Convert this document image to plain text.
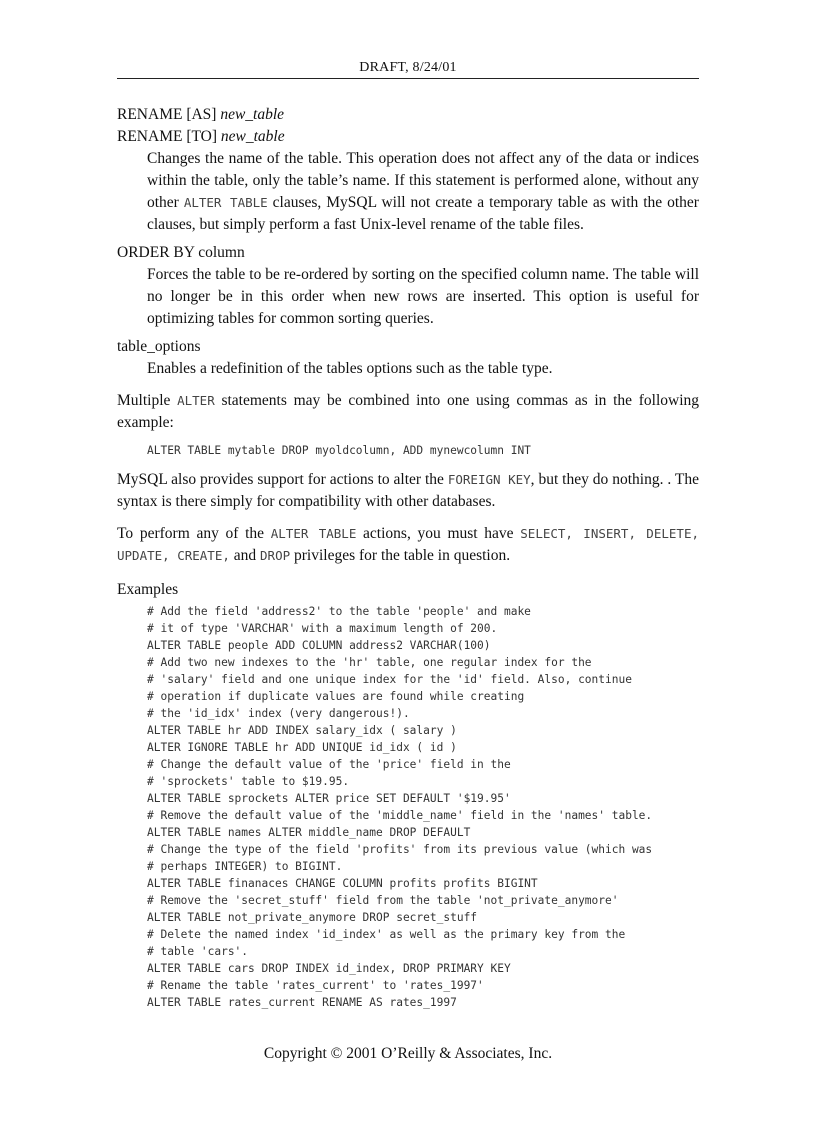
DRAFT, 8/24/01

RENAME [AS] new_table

RENAME [TO] new_table

Changes the name of the table. This operation does not affect any of the data or indices within the table, only the table’s name. If this statement is performed alone, without any other ALTER TABLE clauses, MySQL will not create a temporary table as with the other clauses, but simply perform a fast Unix-level rename of the table files.

ORDER BY column

Forces the table to be re-ordered by sorting on the specified column name. The table will no longer be in this order when new rows are inserted. This option is useful for optimizing tables for common sorting queries.

table_options

Enables a redefinition of the tables options such as the table type.

Multiple ALTER statements may be combined into one using commas as in the following example:

ALTER TABLE mytable DROP myoldcolumn, ADD mynewcolumn INT

MySQL also provides support for actions to alter the FOREIGN KEY, but they do nothing. . The syntax is there simply for compatibility with other databases.

To perform any of the ALTER TABLE actions, you must have SELECT, INSERT, DELETE, UPDATE, CREATE, and DROP privileges for the table in question.

Examples

# Add the field 'address2' to the table 'people' and make
# it of type 'VARCHAR' with a maximum length of 200.
ALTER TABLE people ADD COLUMN address2 VARCHAR(100)
# Add two new indexes to the 'hr' table, one regular index for the
# 'salary' field and one unique index for the 'id' field. Also, continue
# operation if duplicate values are found while creating
# the 'id_idx' index (very dangerous!).
ALTER TABLE hr ADD INDEX salary_idx ( salary )
ALTER IGNORE TABLE hr ADD UNIQUE id_idx ( id )
# Change the default value of the 'price' field in the
# 'sprockets' table to $19.95.
ALTER TABLE sprockets ALTER price SET DEFAULT '$19.95'
# Remove the default value of the 'middle_name' field in the 'names' table.
ALTER TABLE names ALTER middle_name DROP DEFAULT
# Change the type of the field 'profits' from its previous value (which was
# perhaps INTEGER) to BIGINT.
ALTER TABLE finanaces CHANGE COLUMN profits profits BIGINT
# Remove the 'secret_stuff' field from the table 'not_private_anymore'
ALTER TABLE not_private_anymore DROP secret_stuff
# Delete the named index 'id_index' as well as the primary key from the
# table 'cars'.
ALTER TABLE cars DROP INDEX id_index, DROP PRIMARY KEY
# Rename the table 'rates_current' to 'rates_1997'
ALTER TABLE rates_current RENAME AS rates_1997
Copyright © 2001 O’Reilly & Associates, Inc.
